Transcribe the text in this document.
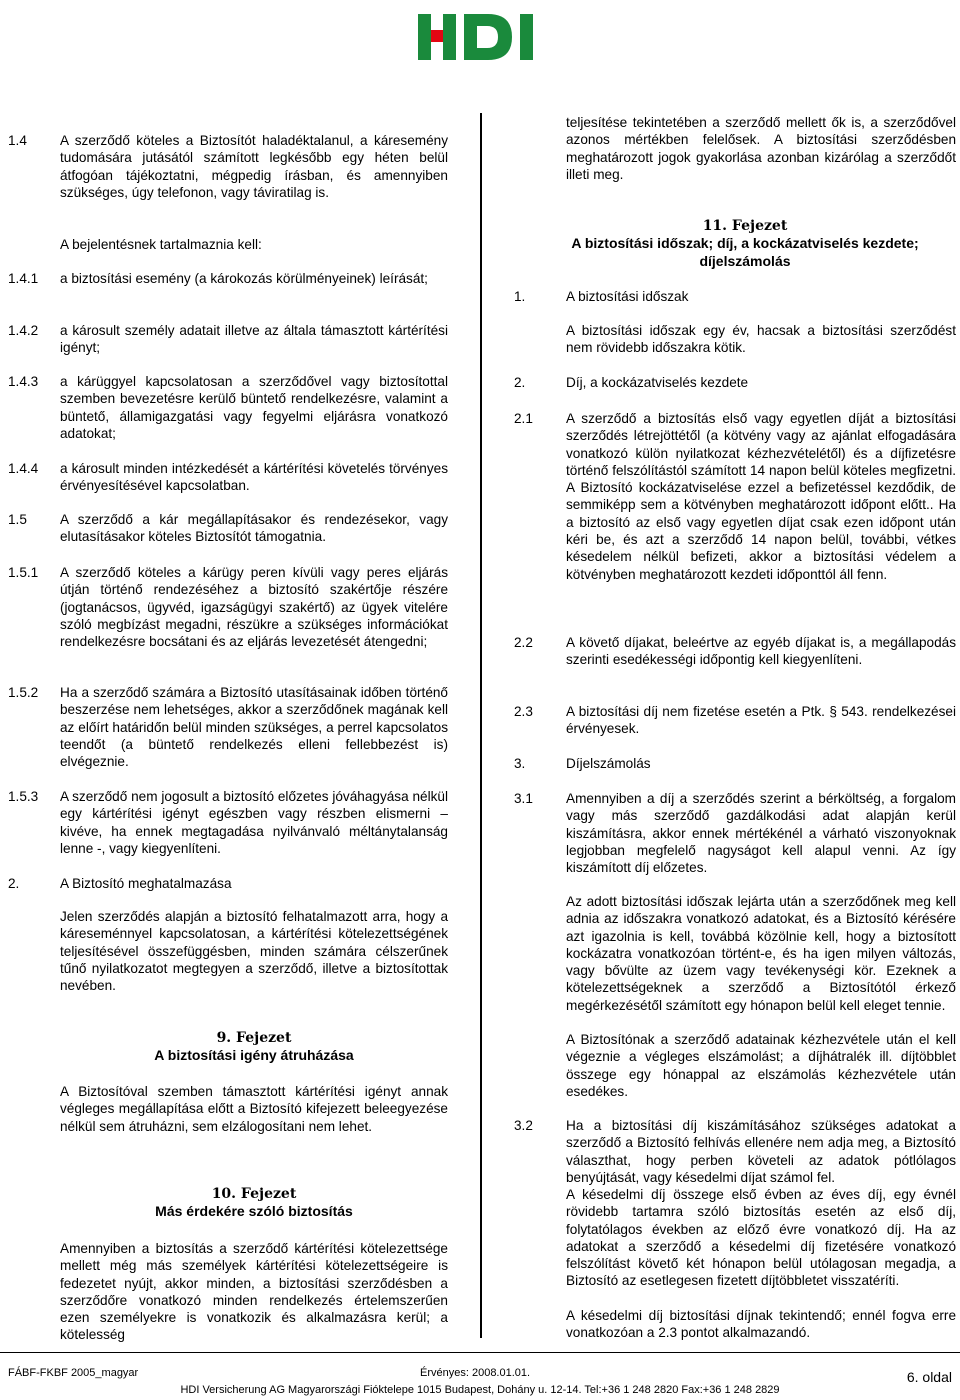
1.4 A szerződő köteles a Biztosítót haladéktalanul, a káresemény tudomására jutásától számított legkésőbb egy héten belül átfogóan tájékoztatni, mégpedig írásban, és amennyiben szükséges, úgy telefonon, vagy táviratilag is.
A bejelentésnek tartalmaznia kell:
1.4.1 a biztosítási esemény (a károkozás körülményeinek) leírását;
1.4.2 a károsult személy adatait illetve az általa támasztott kártérítési igényt;
1.4.3 a kárüggyel kapcsolatosan a szerződővel vagy biztosítottal szemben bevezetésre kerülő büntető rendelkezésre, valamint a büntető, államigazgatási vagy fegyelmi eljárásra vonatkozó adatokat;
1.4.4 a károsult minden intézkedését a kártérítési követelés törvényes érvényesítésével kapcsolatban.
1.5 A szerződő a kár megállapításakor és rendezésekor, vagy elutasításakor köteles Biztosítót támogatnia.
1.5.1 A szerződő köteles a kárügy peren kívüli vagy peres eljárás útján történő rendezéséhez a biztosító szakértője részére (jogtanácsos, ügyvéd, igazságügyi szakértő) az ügyek vitelére szóló megbízást megadni, részükre a szükséges információkat rendelkezésre bocsátani és az eljárás levezetését átengedni;
1.5.2 Ha a szerződő számára a Biztosító utasításainak időben történő beszerzése nem lehetséges, akkor a szerződőnek magának kell az előírt határidőn belül minden szükséges, a perrel kapcsolatos teendőt (a büntető rendelkezés elleni fellebbezést is) elvégeznie.
1.5.3 A szerződő nem jogosult a biztosító előzetes jóváhagyása nélkül egy kártérítési igényt egészben vagy részben elismerni – kivéve, ha ennek megtagadása nyilvánvaló méltánytalanság lenne -, vagy kiegyenlíteni.
2.	A Biztosító meghatalmazása
Jelen szerződés alapján a biztosító felhatalmazott arra, hogy a káreseménnyel kapcsolatosan, a kártérítési kötelezettségének teljesítésével összefüggésben, minden számára célszerűnek tűnő nyilatkozatot megtegyen a szerződő, illetve a biztosítottak nevében.
9. Fejezet
A biztosítási igény átruházása
A Biztosítóval szemben támasztott kártérítési igényt annak végleges megállapítása előtt a Biztosító kifejezett beleegyezése nélkül sem átruházni, sem elzálogosítani nem lehet.
10. Fejezet
Más érdekére szóló biztosítás
Amennyiben a biztosítás a szerződő kártérítési kötelezettsége mellett még más személyek kártérítési kötelezettségeire is fedezetet nyújt, akkor minden, a biztosítási szerződésben a szerződőre vonatkozó minden rendelkezés értelemszerűen ezen személyekre is vonatkozik és alkalmazásra kerül; a kötelesség
teljesítése tekintetében a szerződő mellett ők is, a szerződővel azonos mértékben felelősek. A biztosítási szerződésben meghatározott jogok gyakorlása azonban kizárólag a szerződőt illeti meg.
11. Fejezet
A biztosítási időszak; díj, a kockázatviselés kezdete; díjelszámolás
1.	A biztosítási időszak
A biztosítási időszak egy év, hacsak a biztosítási szerződést nem rövidebb időszakra kötik.
2.	Díj, a kockázatviselés kezdete
2.1 A szerződő a biztosítás első vagy egyetlen díját a biztosítási szerződés létrejöttétől (a kötvény vagy az ajánlat elfogadására vonatkozó külön nyilatkozat kézhezvételétől) és a díjfizetésre történő felszólítástól számított 14 napon belül köteles megfizetni. A Biztosító kockázatviselése ezzel a befizetéssel kezdődik, de semmiképp sem a kötvényben meghatározott időpont előtt.. Ha a biztosító az első vagy egyetlen díjat csak ezen időpont után kéri be, és azt a szerződő 14 napon belül, további, vétkes késedelem nélkül befizeti, akkor a biztosítási védelem a kötvényben meghatározott kezdeti időponttól áll fenn.
2.2 A követő díjakat, beleértve az egyéb díjakat is, a megállapodás szerinti esedékességi időpontig kell kiegyenlíteni.
2.3 A biztosítási díj nem fizetése esetén a Ptk. § 543. rendelkezései érvényesek.
3.	Díjelszámolás
3.1 Amennyiben a díj a szerződés szerint a bérköltség, a forgalom vagy más szerződő gazdálkodási adat alapján kerül kiszámításra, akkor ennek mértékénél a várható viszonyoknak legjobban megfelelő nagyságot kell alapul venni. Az így kiszámított díj előzetes.
Az adott biztosítási időszak lejárta után a szerződőnek meg kell adnia az időszakra vonatkozó adatokat, és a Biztosító kérésére azt igazolnia is kell, továbbá közölnie kell, hogy a biztosított kockázatra vonatkozóan történt-e, és ha igen milyen változás, vagy bővülte az üzem vagy tevékenységi kör. Ezeknek a kötelezettségeknek a szerződő a Biztosítótól érkező megérkezésétől számított egy hónapon belül kell eleget tennie.
A Biztosítónak a szerződő adatainak kézhezvétele után el kell végeznie a végleges elszámolást; a díjhátralék ill. díjtöbblet összege egy hónappal az elszámolás kézhezvétele után esedékes.
3.2 Ha a biztosítási díj kiszámításához szükséges adatokat a szerződő a Biztosító felhívás ellenére nem adja meg, a Biztosító választhat, hogy perben követeli az adatok pótlólagos benyújtását, vagy késedelmi díjat számol fel.
A késedelmi díj összege első évben az éves díj, egy évnél rövidebb tartamra szóló biztosítás esetén az első díj, folytatólagos években az előző évre vonatkozó díj. Ha az adatokat a szerződő a késedelmi díj fizetésére vonatkozó felszólítást követő két hónapon belül utólagosan megadja, a Biztosító az esetlegesen fizetett díjtöbbletet visszatéríti.
A késedelmi díj biztosítási díjnak tekintendő; ennél fogva erre vonatkozóan a 2.3 pontot alkalmazandó.
FÁBF-FKBF 2005_magyar	Érvényes: 2008.01.01.
HDI Versicherung AG Magyarországi Fióktelepe 1015 Budapest, Dohány u. 12-14. Tel:+36 1 248 2820 Fax:+36 1 248 2829
6. oldal
